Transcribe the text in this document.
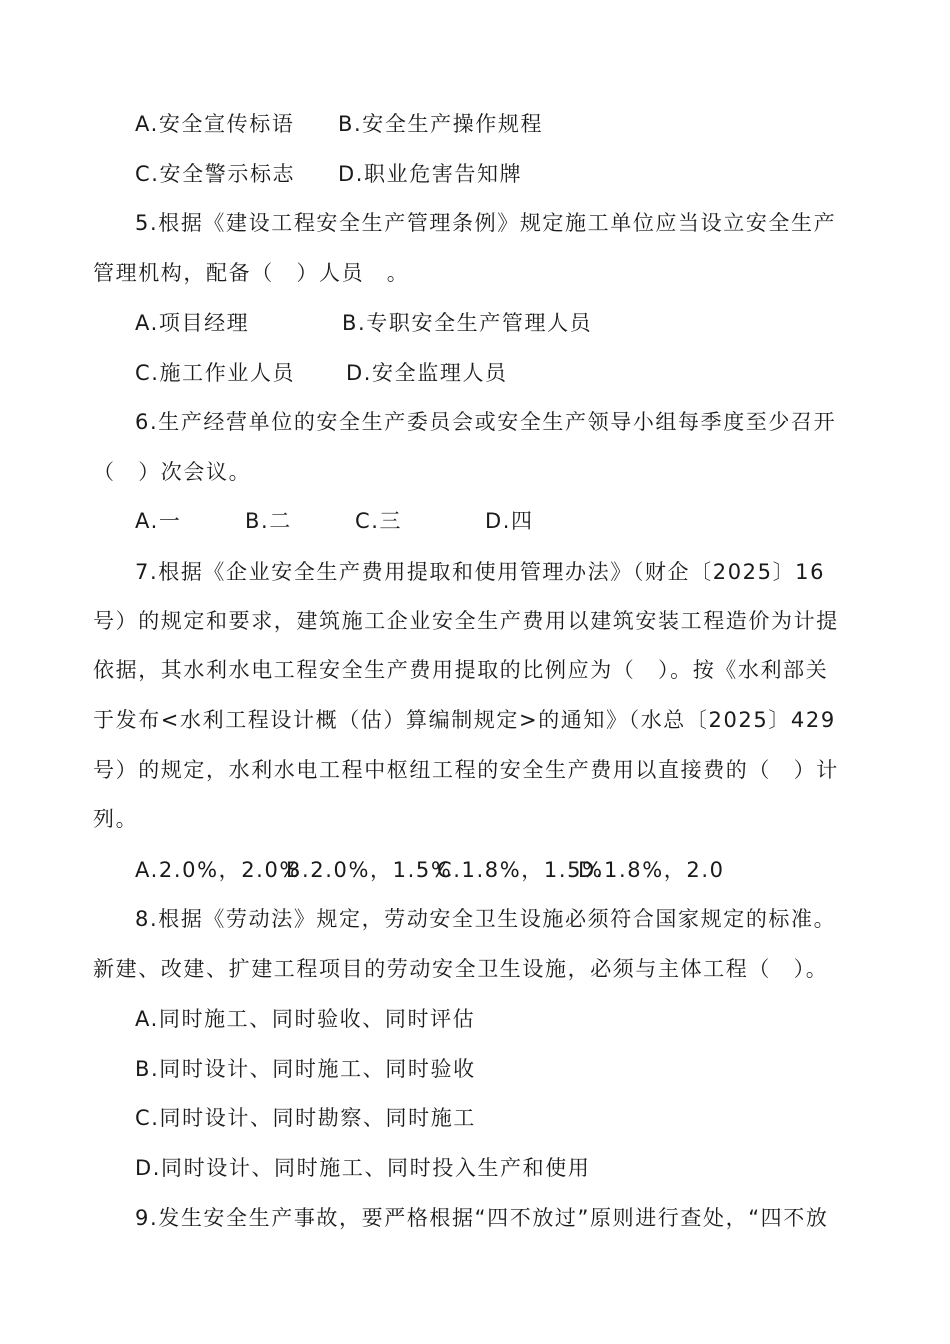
A.安全宣传标语

B.安全生产操作规程

C.安全警示标志

D.职业危害告知牌

5.根据《建设工程安全生产管理条例》规定施工单位应当设立安全生产
管理机构，配备（　）人员　。

A.项目经理

	B.专职安全生产管理人员

C.施工作业人员

D.安全监理人员

6.生产经营单位的安全生产委员会或安全生产领导小组每季度至少召开
（　）次会议。

A.一

	B.二

	C.三

	D.四

7.根据《企业安全生产费用提取和使用管理办法》（财企〔2025〕16
号）的规定和要求，建筑施工企业安全生产费用以建筑安装工程造价为计提
依据，其水利水电工程安全生产费用提取的比例应为（　）。按《水利部关
于发布<水利工程设计概（估）算编制规定>的通知》（水总〔2025〕429
号）的规定，水利水电工程中枢纽工程的安全生产费用以直接费的（　）计
列。

A.2.0%，2.0%

B.2.0%，1.5%

C.1.8%，1.5%

D.1.8%，2.0

8.根据《劳动法》规定，劳动安全卫生设施必须符合国家规定的标准。
新建、改建、扩建工程项目的劳动安全卫生设施，必须与主体工程（　）。
A.同时施工、同时验收、同时评估
B.同时设计、同时施工、同时验收
C.同时设计、同时勘察、同时施工
D.同时设计、同时施工、同时投入生产和使用
9.发生安全生产事故，要严格根据“四不放过”原则进行查处，“四不放
